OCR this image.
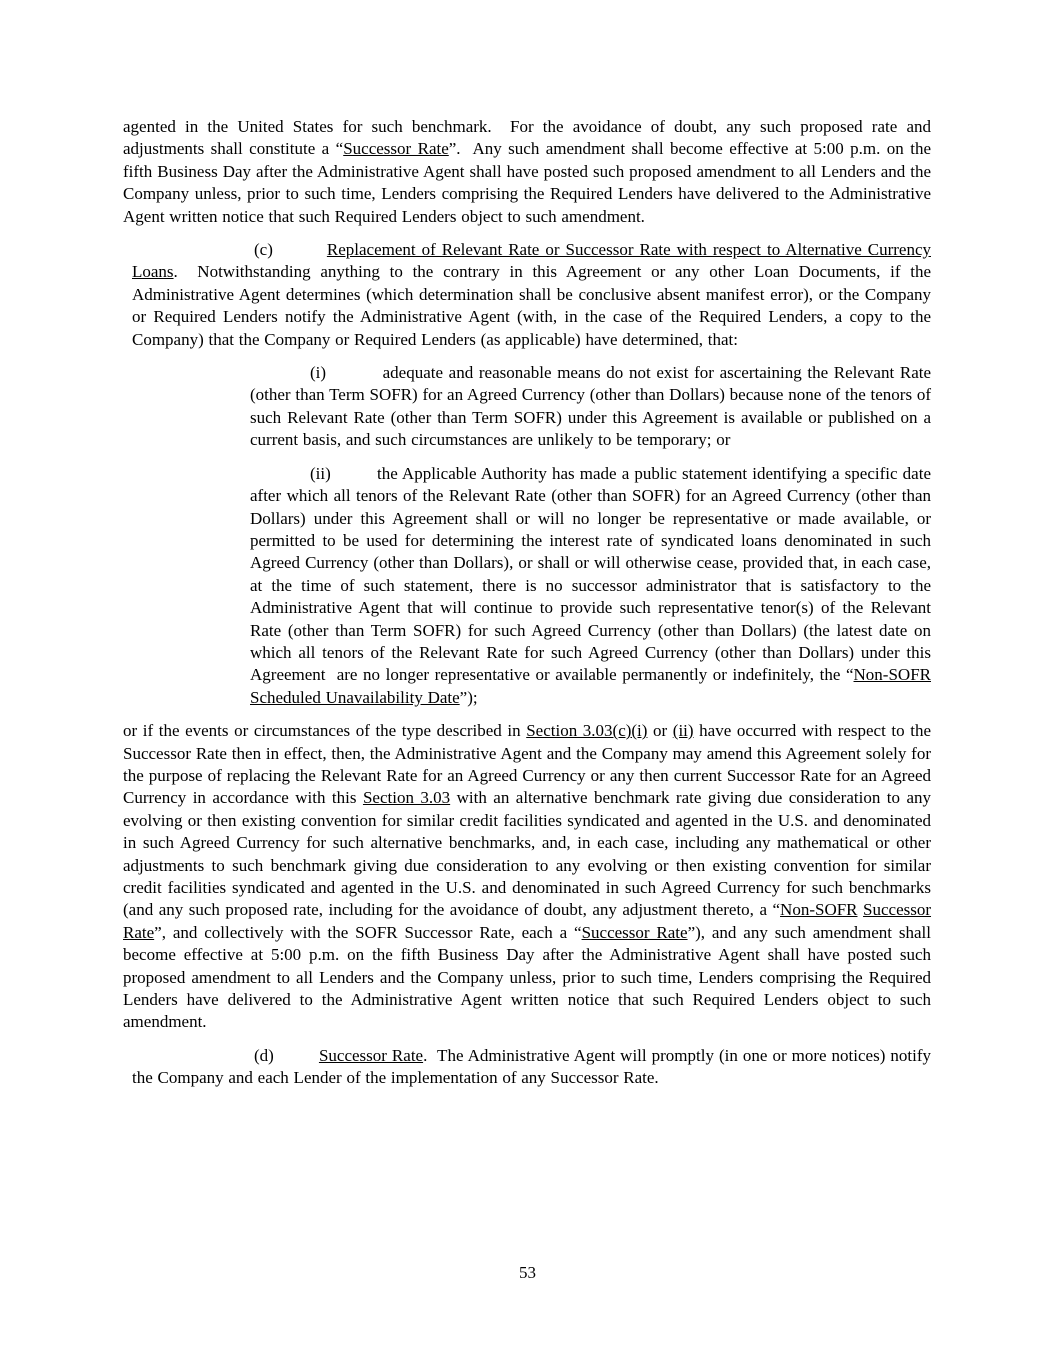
agented in the United States for such benchmark.  For the avoidance of doubt, any such proposed rate and adjustments shall constitute a “Successor Rate”.  Any such amendment shall become effective at 5:00 p.m. on the fifth Business Day after the Administrative Agent shall have posted such proposed amendment to all Lenders and the Company unless, prior to such time, Lenders comprising the Required Lenders have delivered to the Administrative Agent written notice that such Required Lenders object to such amendment.

(c)         Replacement of Relevant Rate or Successor Rate with respect to Alternative Currency Loans.  Notwithstanding anything to the contrary in this Agreement or any other Loan Documents, if the Administrative Agent determines (which determination shall be conclusive absent manifest error), or the Company or Required Lenders notify the Administrative Agent (with, in the case of the Required Lenders, a copy to the Company) that the Company or Required Lenders (as applicable) have determined, that:

(i)          adequate and reasonable means do not exist for ascertaining the Relevant Rate (other than Term SOFR) for an Agreed Currency (other than Dollars) because none of the tenors of such Relevant Rate (other than Term SOFR) under this Agreement is available or published on a current basis, and such circumstances are unlikely to be temporary; or

(ii)         the Applicable Authority has made a public statement identifying a specific date after which all tenors of the Relevant Rate (other than SOFR) for an Agreed Currency (other than Dollars) under this Agreement shall or will no longer be representative or made available, or permitted to be used for determining the interest rate of syndicated loans denominated in such Agreed Currency (other than Dollars), or shall or will otherwise cease, provided that, in each case, at the time of such statement, there is no successor administrator that is satisfactory to the Administrative Agent that will continue to provide such representative tenor(s) of the Relevant Rate (other than Term SOFR) for such Agreed Currency (other than Dollars) (the latest date on which all tenors of the Relevant Rate for such Agreed Currency (other than Dollars) under this Agreement  are no longer representative or available permanently or indefinitely, the “Non-SOFR Scheduled Unavailability Date”);

or if the events or circumstances of the type described in Section 3.03(c)(i) or (ii) have occurred with respect to the Successor Rate then in effect, then, the Administrative Agent and the Company may amend this Agreement solely for the purpose of replacing the Relevant Rate for an Agreed Currency or any then current Successor Rate for an Agreed Currency in accordance with this Section 3.03 with an alternative benchmark rate giving due consideration to any evolving or then existing convention for similar credit facilities syndicated and agented in the U.S. and denominated in such Agreed Currency for such alternative benchmarks, and, in each case, including any mathematical or other adjustments to such benchmark giving due consideration to any evolving or then existing convention for similar credit facilities syndicated and agented in the U.S. and denominated in such Agreed Currency for such benchmarks (and any such proposed rate, including for the avoidance of doubt, any adjustment thereto, a “Non-SOFR Successor Rate”, and collectively with the SOFR Successor Rate, each a “Successor Rate”), and any such amendment shall become effective at 5:00 p.m. on the fifth Business Day after the Administrative Agent shall have posted such proposed amendment to all Lenders and the Company unless, prior to such time, Lenders comprising the Required Lenders have delivered to the Administrative Agent written notice that such Required Lenders object to such amendment.

(d)         Successor Rate.  The Administrative Agent will promptly (in one or more notices) notify the Company and each Lender of the implementation of any Successor Rate.

53
